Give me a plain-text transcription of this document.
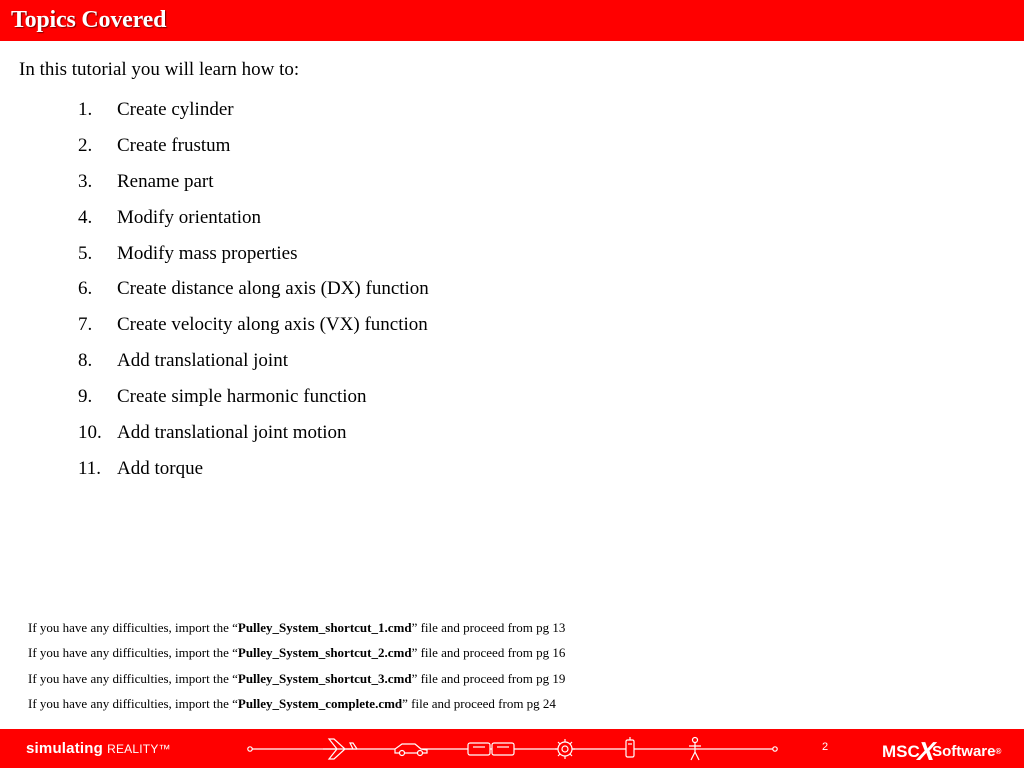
Topics Covered
In this tutorial you will learn how to:
1.	Create cylinder
2.	Create frustum
3.	Rename part
4.	Modify orientation
5.	Modify mass properties
6.	Create distance along axis (DX) function
7.	Create velocity along axis (VX) function
8.	Add translational joint
9.	Create simple harmonic function
10. Add translational joint motion
11. Add torque
If you have any difficulties, import the “Pulley_System_shortcut_1.cmd” file and proceed from pg 13
If you have any difficulties, import the “Pulley_System_shortcut_2.cmd” file and proceed from pg 16
If you have any difficulties, import the “Pulley_System_shortcut_3.cmd” file and proceed from pg 19
If you have any difficulties, import the “Pulley_System_complete.cmd” file and proceed from pg 24
simulating REALITY™	2	MSC
X
Software ®
